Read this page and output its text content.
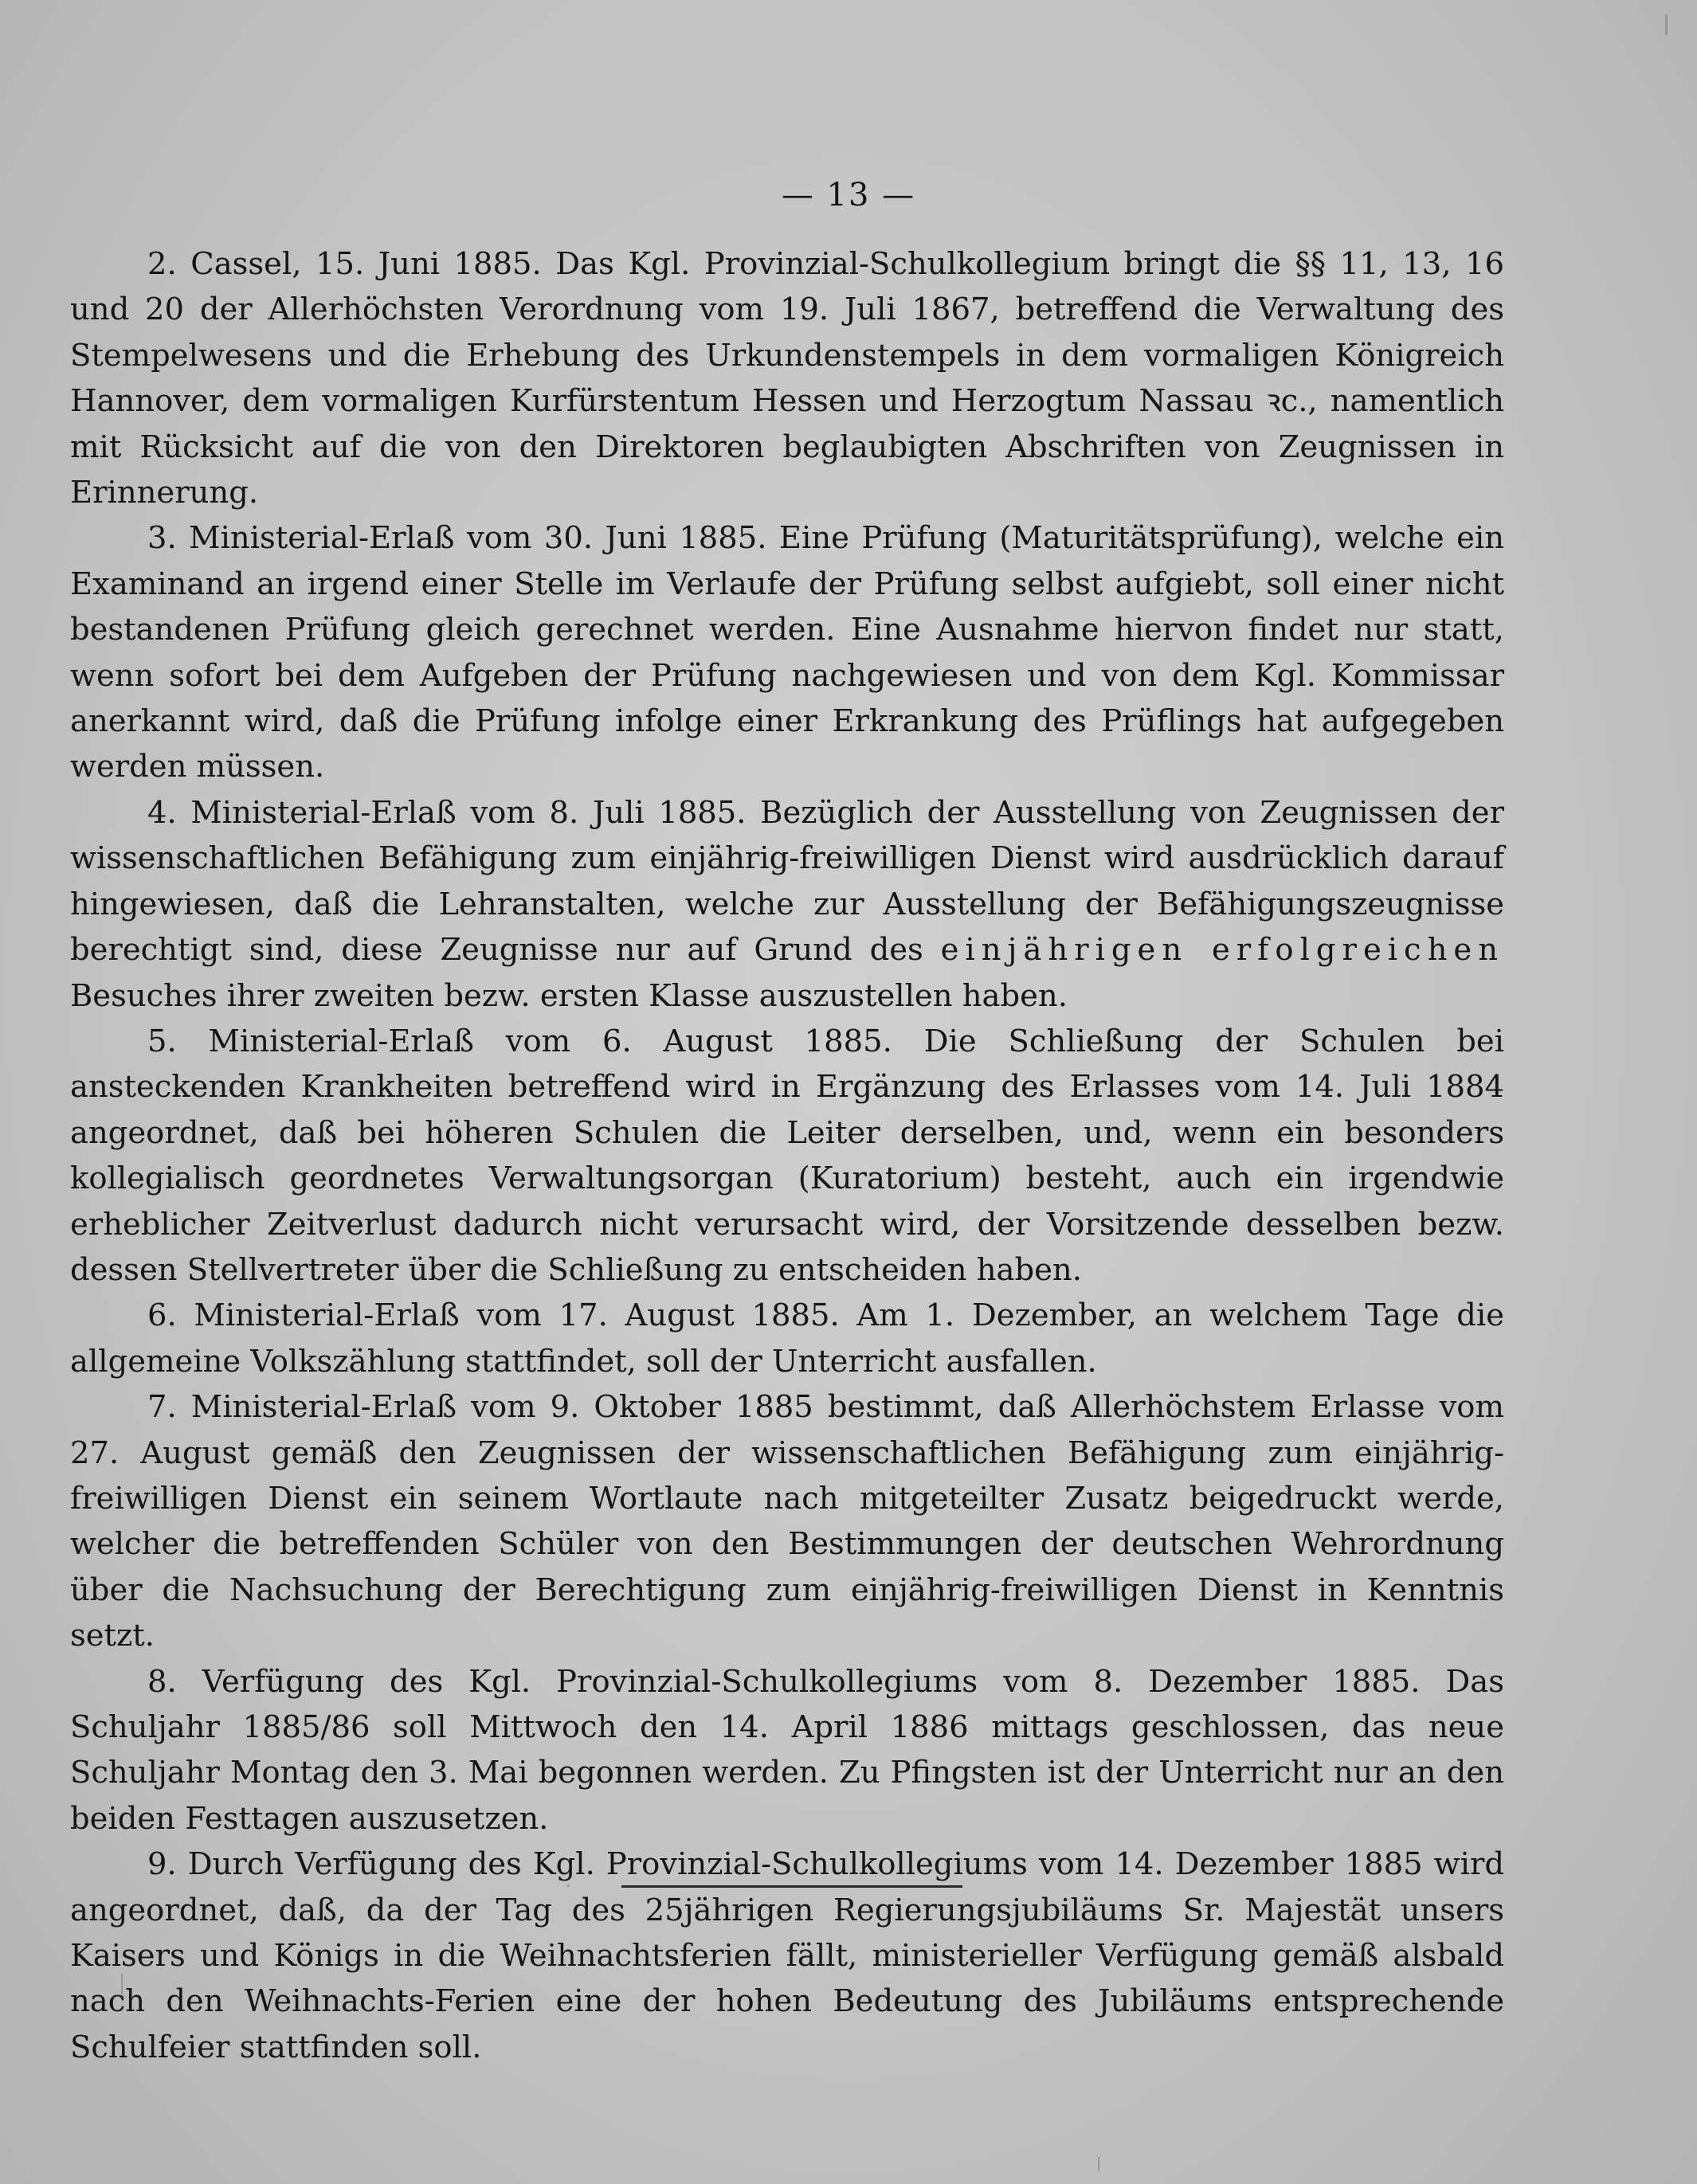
— 13 —

2. Cassel, 15. Juni 1885. Das Kgl. Provinzial-Schulkollegium bringt die §§ 11, 13, 16 und 20 der Allerhöchsten Verordnung vom 19. Juli 1867, betreffend die Verwaltung des Stempelwesens und die Erhebung des Urkundenstempels in dem vormaligen Königreich Hannover, dem vormaligen Kurfürstentum Hessen und Herzogtum Nassau ꝛc., namentlich mit Rücksicht auf die von den Direktoren beglaubigten Abschriften von Zeugnissen in Erinnerung.

3. Ministerial-Erlaß vom 30. Juni 1885. Eine Prüfung (Maturitätsprüfung), welche ein Examinand an irgend einer Stelle im Verlaufe der Prüfung selbst aufgiebt, soll einer nicht bestandenen Prüfung gleich gerechnet werden. Eine Ausnahme hiervon findet nur statt, wenn sofort bei dem Aufgeben der Prüfung nachgewiesen und von dem Kgl. Kommissar anerkannt wird, daß die Prüfung infolge einer Erkrankung des Prüflings hat aufgegeben werden müssen.

4. Ministerial-Erlaß vom 8. Juli 1885. Bezüglich der Ausstellung von Zeugnissen der wissenschaftlichen Befähigung zum einjährig-freiwilligen Dienst wird ausdrücklich darauf hingewiesen, daß die Lehranstalten, welche zur Ausstellung der Befähigungszeugnisse berechtigt sind, diese Zeugnisse nur auf Grund des einjährigen erfolgreichen Besuches ihrer zweiten bezw. ersten Klasse auszustellen haben.

5. Ministerial-Erlaß vom 6. August 1885. Die Schließung der Schulen bei ansteckenden Krankheiten betreffend wird in Ergänzung des Erlasses vom 14. Juli 1884 angeordnet, daß bei höheren Schulen die Leiter derselben, und, wenn ein besonders kollegialisch geordnetes Verwaltungsorgan (Kuratorium) besteht, auch ein irgendwie erheblicher Zeitverlust dadurch nicht verursacht wird, der Vorsitzende desselben bezw. dessen Stellvertreter über die Schließung zu entscheiden haben.

6. Ministerial-Erlaß vom 17. August 1885. Am 1. Dezember, an welchem Tage die allgemeine Volkszählung stattfindet, soll der Unterricht ausfallen.

7. Ministerial-Erlaß vom 9. Oktober 1885 bestimmt, daß Allerhöchstem Erlasse vom 27. August gemäß den Zeugnissen der wissenschaftlichen Befähigung zum einjährig-freiwilligen Dienst ein seinem Wortlaute nach mitgeteilter Zusatz beigedruckt werde, welcher die betreffenden Schüler von den Bestimmungen der deutschen Wehrordnung über die Nachsuchung der Berechtigung zum einjährig-freiwilligen Dienst in Kenntnis setzt.

8. Verfügung des Kgl. Provinzial-Schulkollegiums vom 8. Dezember 1885. Das Schuljahr 1885/86 soll Mittwoch den 14. April 1886 mittags geschlossen, das neue Schuljahr Montag den 3. Mai begonnen werden. Zu Pfingsten ist der Unterricht nur an den beiden Festtagen auszusetzen.

9. Durch Verfügung des Kgl. Provinzial-Schulkollegiums vom 14. Dezember 1885 wird angeordnet, daß, da der Tag des 25jährigen Regierungsjubiläums Sr. Majestät unsers Kaisers und Königs in die Weihnachtsferien fällt, ministerieller Verfügung gemäß alsbald nach den Weihnachts-Ferien eine der hohen Bedeutung des Jubiläums entsprechende Schulfeier stattfinden soll.
